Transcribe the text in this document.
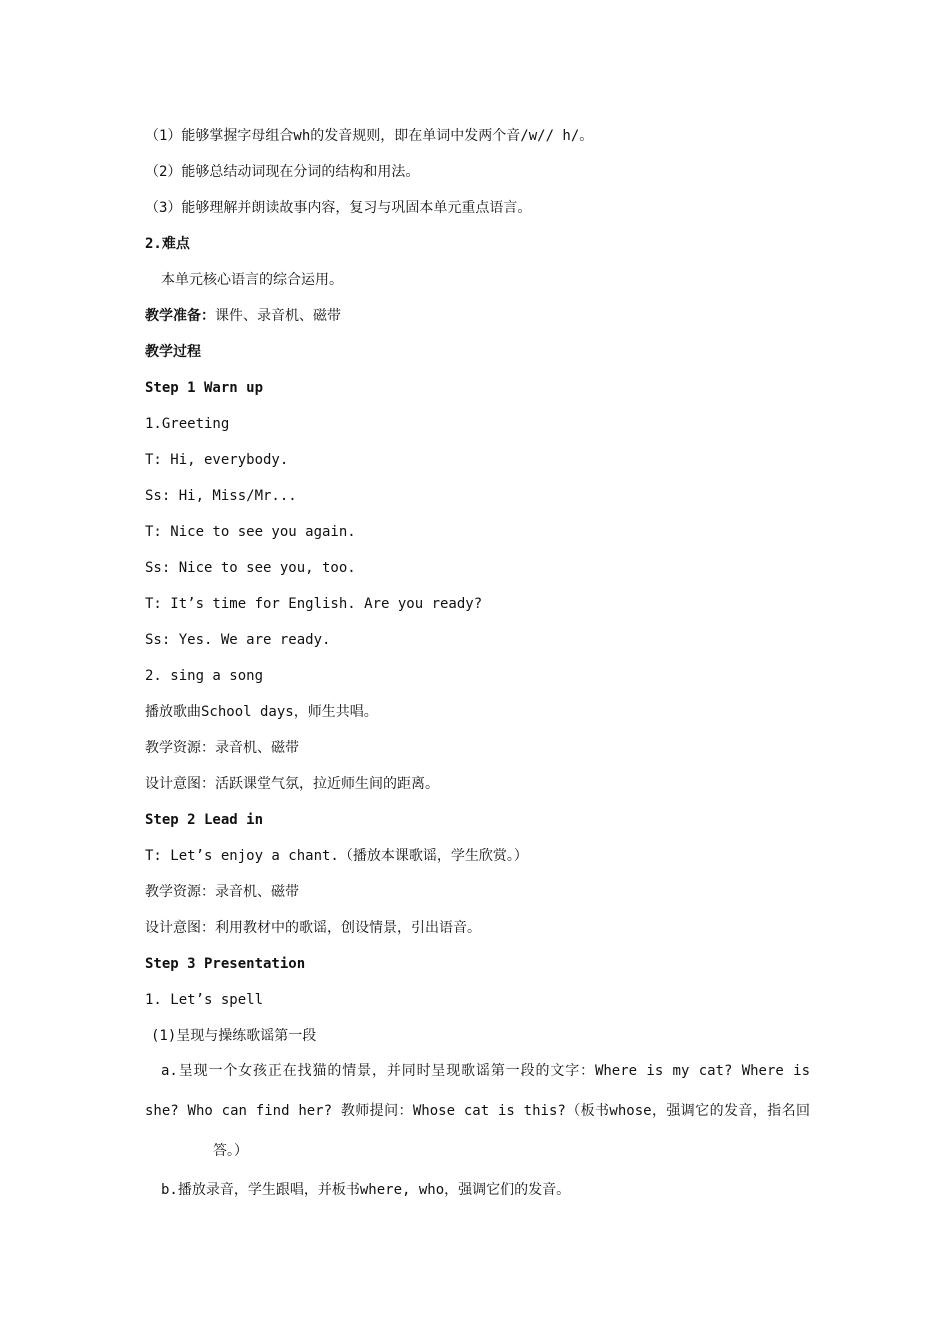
（1）能够掌握字母组合wh的发音规则，即在单词中发两个音/w// h/。
（2）能够总结动词现在分词的结构和用法。
（3）能够理解并朗读故事内容，复习与巩固本单元重点语言。
2.难点
本单元核心语言的综合运用。
教学准备：课件、录音机、磁带
教学过程
Step 1 Warn up
1.Greeting
T: Hi, everybody.
Ss: Hi, Miss/Mr...
T: Nice to see you again.
Ss: Nice to see you, too.
T: It’s time for English. Are you ready?
Ss: Yes. We are ready.
2. sing a song
播放歌曲School days，师生共唱。
教学资源：录音机、磁带
设计意图：活跃课堂气氛，拉近师生间的距离。
Step 2 Lead in
T: Let’s enjoy a chant.（播放本课歌谣，学生欣赏。）
教学资源：录音机、磁带
设计意图：利用教材中的歌谣，创设情景，引出语音。
Step 3 Presentation
1. Let’s spell
(1)呈现与操练歌谣第一段
a.呈现一个女孩正在找猫的情景，并同时呈现歌谣第一段的文字：Where is my cat? Where is she? Who can find her? 教师提问：Whose cat is this?（板书whose，强调它的发音，指名回答。）
b.播放录音，学生跟唱，并板书where, who，强调它们的发音。
